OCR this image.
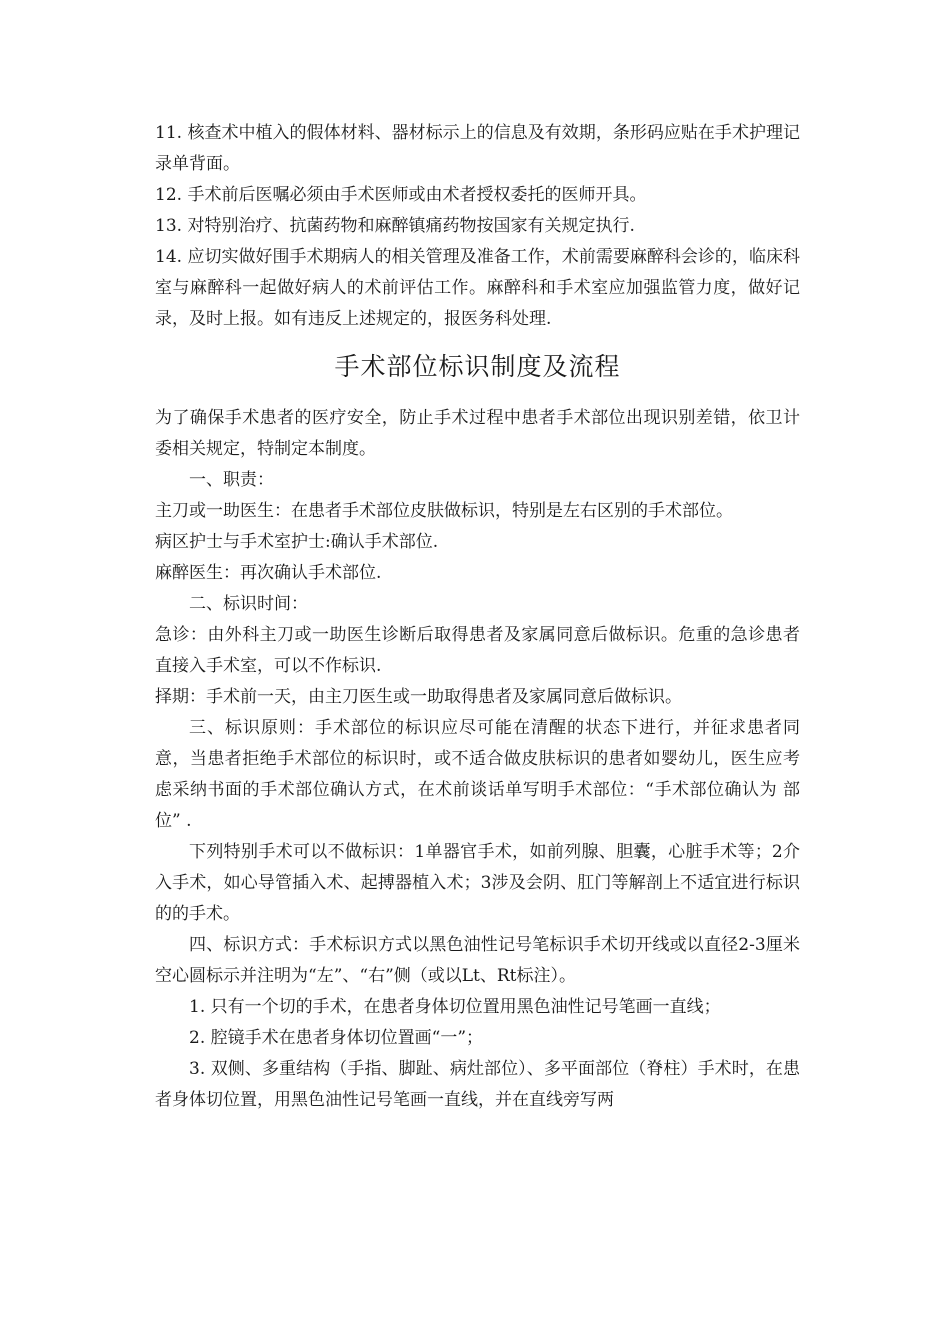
11. 核查术中植入的假体材料、器材标示上的信息及有效期，条形码应贴在手术护理记录单背面。

12. 手术前后医嘱必须由手术医师或由术者授权委托的医师开具。

13. 对特别治疗、抗菌药物和麻醉镇痛药物按国家有关规定执行.

14. 应切实做好围手术期病人的相关管理及准备工作，术前需要麻醉科会诊的，临床科室与麻醉科一起做好病人的术前评估工作。麻醉科和手术室应加强监管力度，做好记录，及时上报。如有违反上述规定的，报医务科处理.

手术部位标识制度及流程

为了确保手术患者的医疗安全，防止手术过程中患者手术部位出现识别差错，依卫计委相关规定，特制定本制度。

一、职责：

主刀或一助医生：在患者手术部位皮肤做标识，特别是左右区别的手术部位。

病区护士与手术室护士:确认手术部位.

麻醉医生：再次确认手术部位.

二、标识时间：

急诊：由外科主刀或一助医生诊断后取得患者及家属同意后做标识。危重的急诊患者直接入手术室，可以不作标识.

择期：手术前一天，由主刀医生或一助取得患者及家属同意后做标识。

三、标识原则：手术部位的标识应尽可能在清醒的状态下进行，并征求患者同意，当患者拒绝手术部位的标识时，或不适合做皮肤标识的患者如婴幼儿，医生应考虑采纳书面的手术部位确认方式，在术前谈话单写明手术部位：“手术部位确认为 部位” .

下列特别手术可以不做标识：1单器官手术，如前列腺、胆囊，心脏手术等；2介入手术，如心导管插入术、起搏器植入术；3涉及会阴、肛门等解剖上不适宜进行标识的的手术。

四、标识方式：手术标识方式以黑色油性记号笔标识手术切开线或以直径2-3厘米空心圆标示并注明为“左”、“右”侧（或以Lt、Rt标注）。

1. 只有一个切的手术，在患者身体切位置用黑色油性记号笔画一直线；

2. 腔镜手术在患者身体切位置画“一”；

3. 双侧、多重结构（手指、脚趾、病灶部位）、多平面部位（脊柱）手术时，在患者身体切位置，用黑色油性记号笔画一直线，并在直线旁写两
